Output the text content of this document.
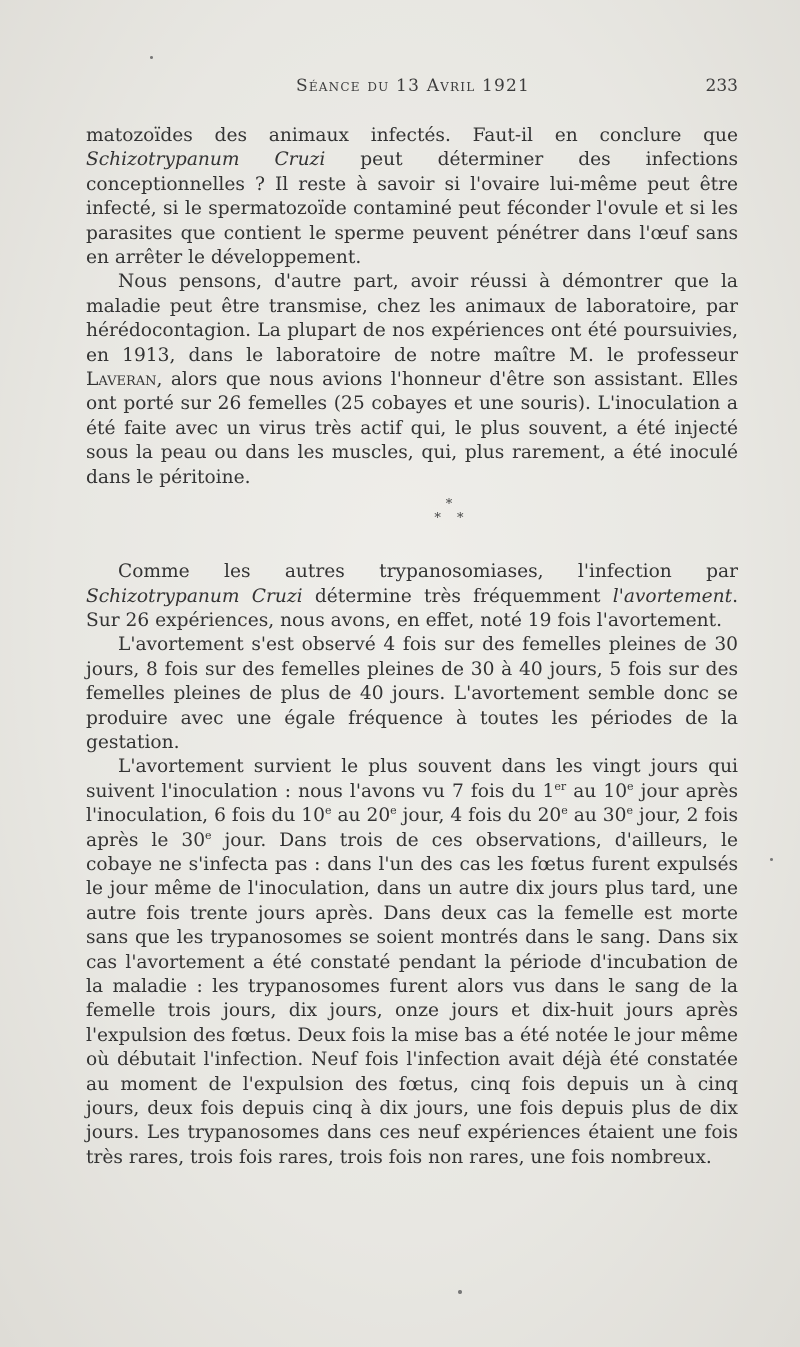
Séance du 13 Avril 1921	233

matozoïdes des animaux infectés. Faut-il en conclure que Schizotrypanum Cruzi peut déterminer des infections conceptionnelles ? Il reste à savoir si l'ovaire lui-même peut être infecté, si le spermatozoïde contaminé peut féconder l'ovule et si les parasites que contient le sperme peuvent pénétrer dans l'œuf sans en arrêter le développement.

Nous pensons, d'autre part, avoir réussi à démontrer que la maladie peut être transmise, chez les animaux de laboratoire, par hérédocontagion. La plupart de nos expériences ont été poursuivies, en 1913, dans le laboratoire de notre maître M. le professeur Laveran, alors que nous avions l'honneur d'être son assistant. Elles ont porté sur 26 femelles (25 cobayes et une souris). L'inoculation a été faite avec un virus très actif qui, le plus souvent, a été injecté sous la peau ou dans les muscles, qui, plus rarement, a été inoculé dans le péritoine.

*
* *

Comme les autres trypanosomiases, l'infection par Schizotrypanum Cruzi détermine très fréquemment l'avortement. Sur 26 expériences, nous avons, en effet, noté 19 fois l'avortement.

L'avortement s'est observé 4 fois sur des femelles pleines de 30 jours, 8 fois sur des femelles pleines de 30 à 40 jours, 5 fois sur des femelles pleines de plus de 40 jours. L'avortement semble donc se produire avec une égale fréquence à toutes les périodes de la gestation.

L'avortement survient le plus souvent dans les vingt jours qui suivent l'inoculation : nous l'avons vu 7 fois du 1er au 10e jour après l'inoculation, 6 fois du 10e au 20e jour, 4 fois du 20e au 30e jour, 2 fois après le 30e jour. Dans trois de ces observations, d'ailleurs, le cobaye ne s'infecta pas : dans l'un des cas les fœtus furent expulsés le jour même de l'inoculation, dans un autre dix jours plus tard, une autre fois trente jours après. Dans deux cas la femelle est morte sans que les trypanosomes se soient montrés dans le sang. Dans six cas l'avortement a été constaté pendant la période d'incubation de la maladie : les trypanosomes furent alors vus dans le sang de la femelle trois jours, dix jours, onze jours et dix-huit jours après l'expulsion des fœtus. Deux fois la mise bas a été notée le jour même où débutait l'infection. Neuf fois l'infection avait déjà été constatée au moment de l'expulsion des fœtus, cinq fois depuis un à cinq jours, deux fois depuis cinq à dix jours, une fois depuis plus de dix jours. Les trypanosomes dans ces neuf expériences étaient une fois très rares, trois fois rares, trois fois non rares, une fois nombreux.
